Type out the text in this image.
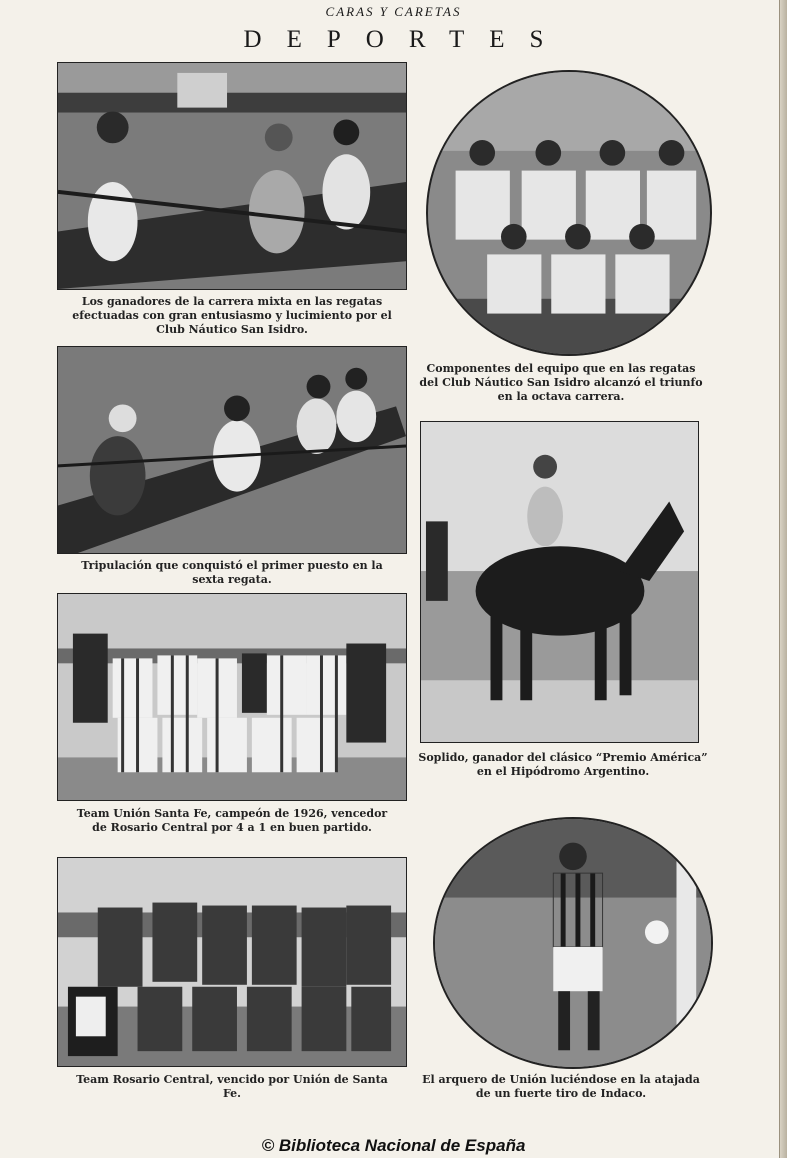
CARAS Y CARETAS
DEPORTES
Los ganadores de la carrera mixta en las regatas efectuadas con gran entusiasmo y lucimiento por el Club Náutico San Isidro.
Componentes del equipo que en las regatas del Club Náutico San Isidro alcanzó el triunfo en la octava carrera.
Tripulación que conquistó el primer puesto en la sexta regata.
Soplido, ganador del clásico “Premio América” en el Hipódromo Argentino.
Team Unión Santa Fe, campeón de 1926, vencedor de Rosario Central por 4 a 1 en buen partido.
Team Rosario Central, vencido por Unión de Santa Fe.
El arquero de Unión luciéndose en la atajada de un fuerte tiro de Indaco.
© Biblioteca Nacional de España
